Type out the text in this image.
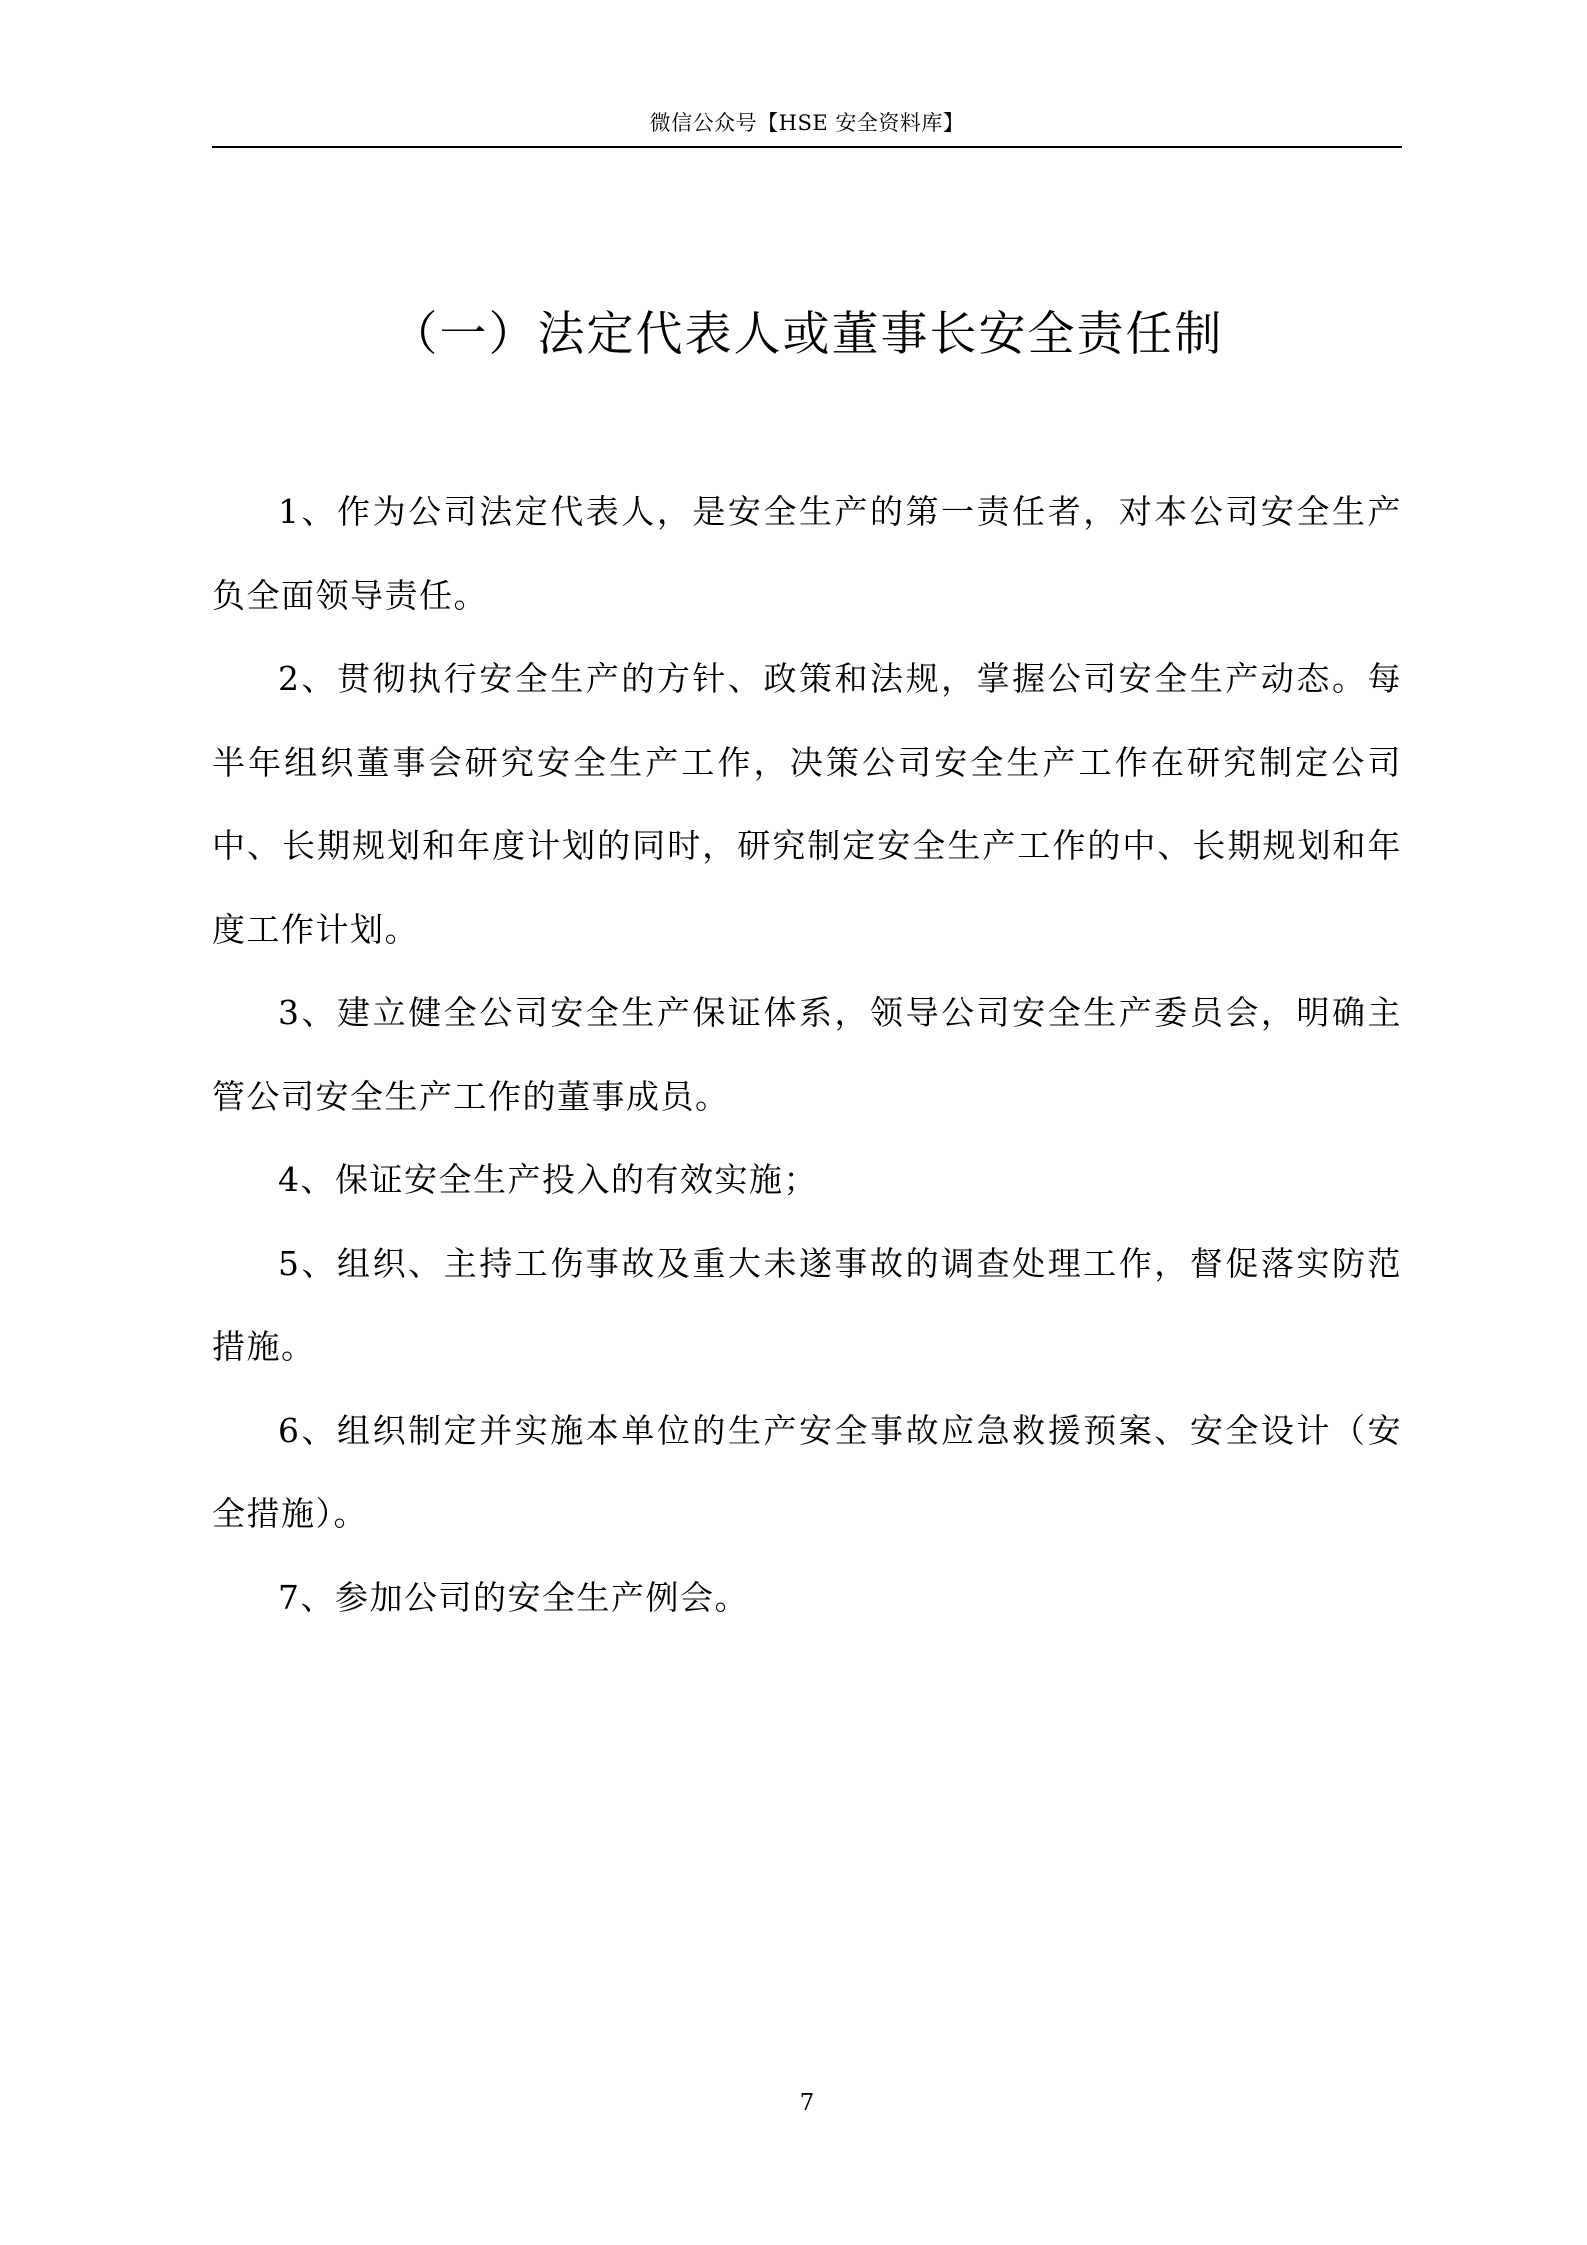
微信公众号【HSE 安全资料库】
（一）法定代表人或董事长安全责任制

1、作为公司法定代表人，是安全生产的第一责任者，对本公司安全生产负全面领导责任。

2、贯彻执行安全生产的方针、政策和法规，掌握公司安全生产动态。每半年组织董事会研究安全生产工作，决策公司安全生产工作在研究制定公司中、长期规划和年度计划的同时，研究制定安全生产工作的中、长期规划和年度工作计划。

3、建立健全公司安全生产保证体系，领导公司安全生产委员会，明确主管公司安全生产工作的董事成员。

4、保证安全生产投入的有效实施；

5、组织、主持工伤事故及重大未遂事故的调查处理工作，督促落实防范措施。

6、组织制定并实施本单位的生产安全事故应急救援预案、安全设计（安全措施）。

7、参加公司的安全生产例会。

7
